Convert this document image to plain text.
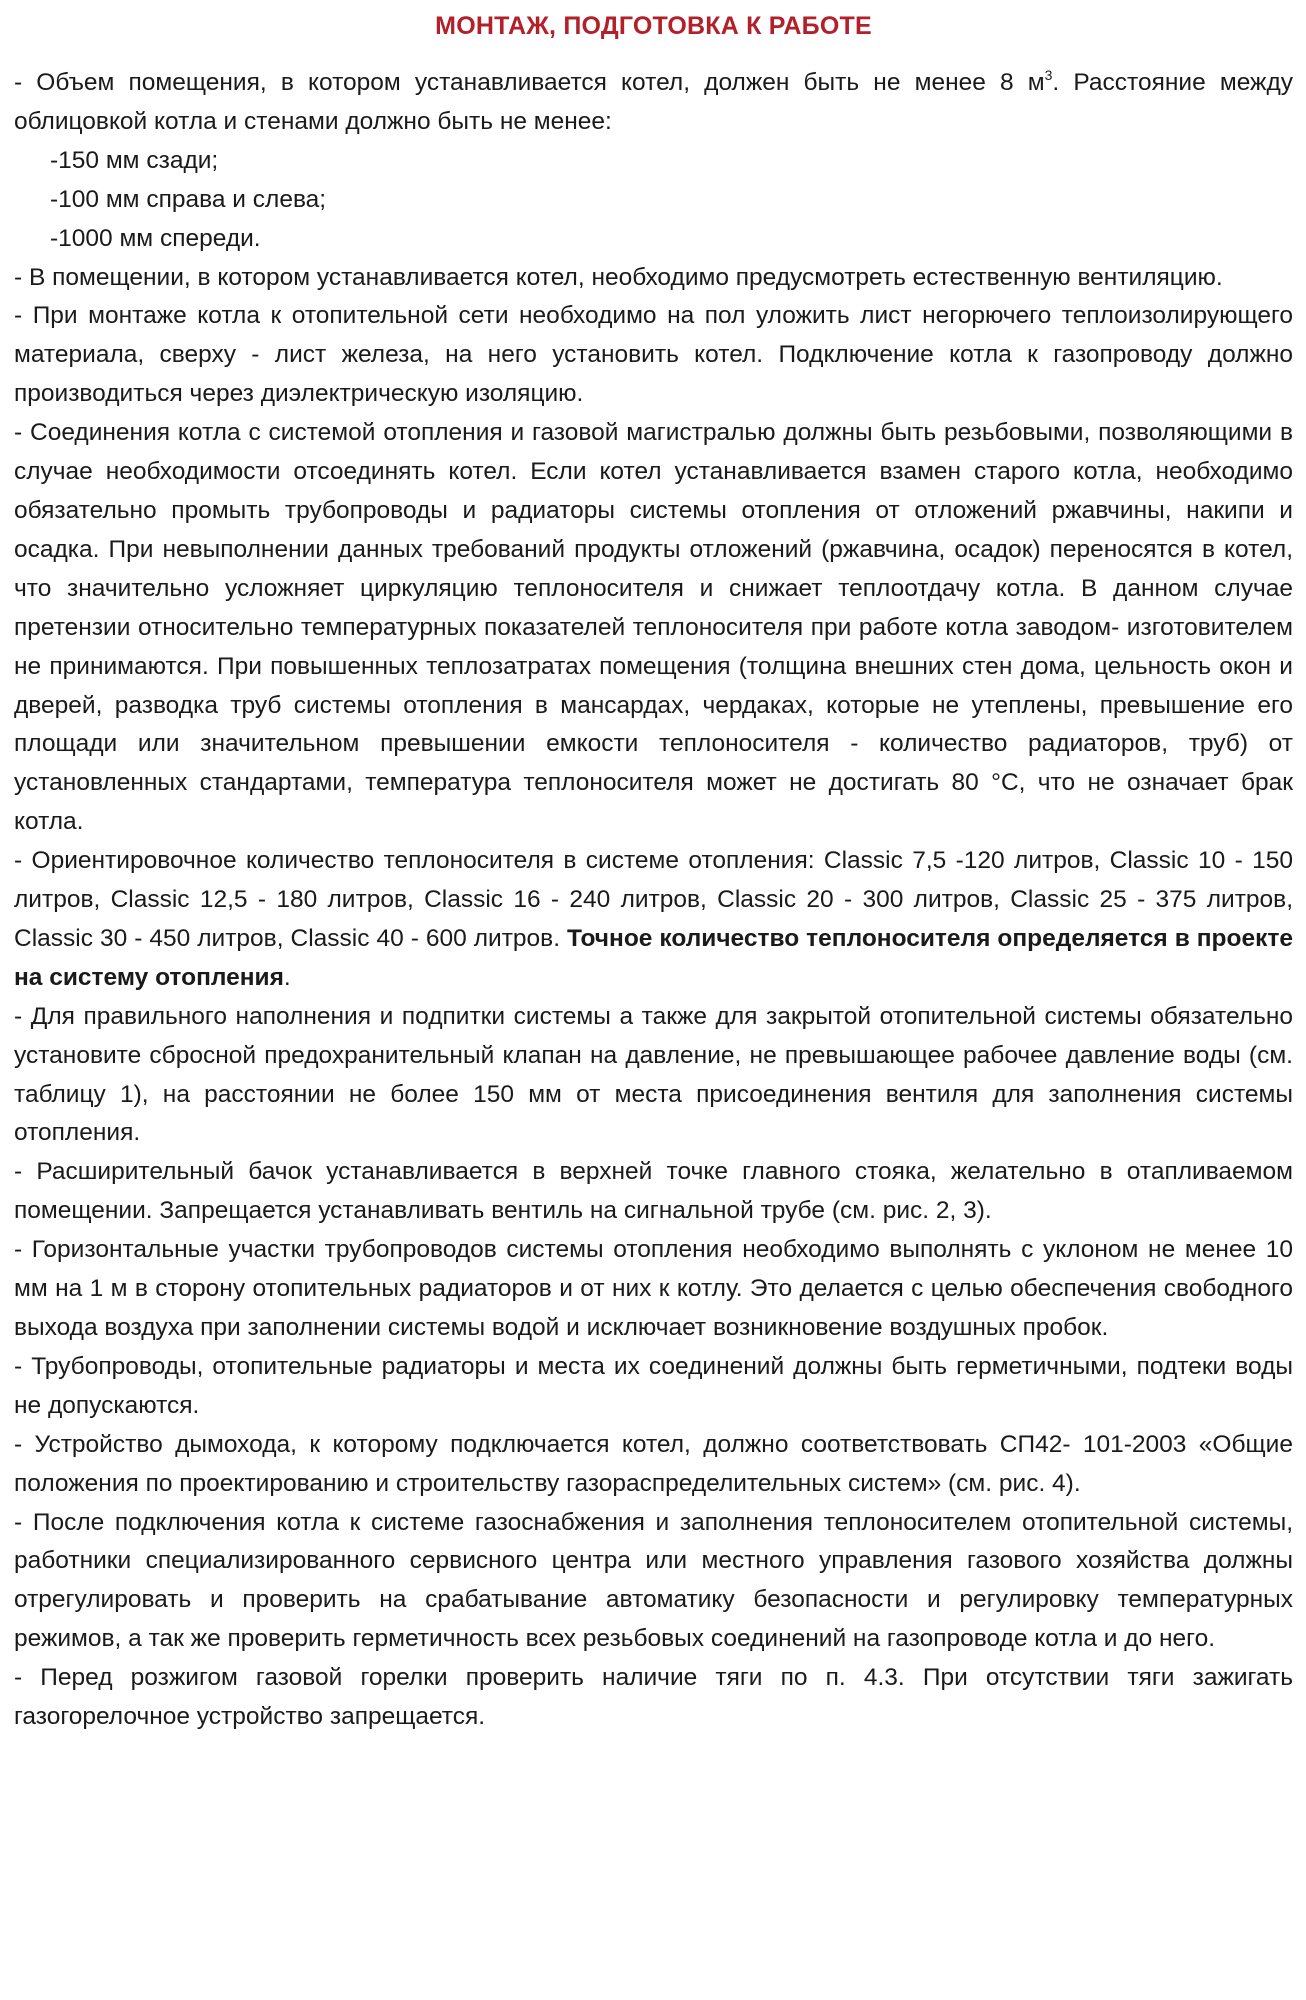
МОНТАЖ, ПОДГОТОВКА К РАБОТЕ

- Объем помещения, в котором устанавливается котел, должен быть не менее 8 $м^3$. Расстояние между облицовкой котла и стенами должно быть не менее:

-150 мм сзади;

-100 мм справа и слева;

-1000 мм спереди.

- В помещении, в котором устанавливается котел, необходимо предусмотреть естественную вентиляцию.

- При монтаже котла к отопительной сети необходимо на пол уложить лист негорючего теплоизолирующего материала, сверху - лист железа, на него установить котел. Подключение котла к газопроводу должно производиться через диэлектрическую изоляцию.

- Соединения котла с системой отопления и газовой магистралью должны быть резьбовыми, позволяющими в случае необходимости отсоединять котел. Если котел устанавливается взамен старого котла, необходимо обязательно промыть трубопроводы и радиаторы системы отопления от отложений ржавчины, накипи и осадка. При невыполнении данных требований продукты отложений (ржавчина, осадок) переносятся в котел, что значительно усложняет циркуляцию теплоносителя и снижает теплоотдачу котла. В данном случае претензии относительно температурных показателей теплоносителя при работе котла заводом- изготовителем не принимаются. При повышенных теплозатратах помещения (толщина внешних стен дома, цельность окон и дверей, разводка труб системы отопления в мансардах, чердаках, которые не утеплены, превышение его площади или значительном превышении емкости теплоносителя - количество радиаторов, труб) от установленных стандартами, температура теплоносителя может не достигать 80 °С, что не означает брак котла.

- Ориентировочное количество теплоносителя в системе отопления: Classic 7,5 -120 литров, Classic 10 - 150 литров, Classic 12,5 - 180 литров, Classic 16 - 240 литров, Classic 20 - 300 литров, Classic 25 - 375 литров, Classic 30 - 450 литров, Classic 40 - 600 литров. Точное количество теплоносителя определяется в проекте на систему отопления.

- Для правильного наполнения и подпитки системы а также для закрытой отопительной системы обязательно установите сбросной предохранительный клапан на давление, не превышающее рабочее давление воды (см. таблицу 1), на расстоянии не более 150 мм от места присоединения вентиля для заполнения системы отопления.

- Расширительный бачок устанавливается в верхней точке главного стояка, желательно в отапливаемом помещении. Запрещается устанавливать вентиль на сигнальной трубе (см. рис. 2, 3).

- Горизонтальные участки трубопроводов системы отопления необходимо выполнять с уклоном не менее 10 мм на 1 м в сторону отопительных радиаторов и от них к котлу. Это делается с целью обеспечения свободного выхода воздуха при заполнении системы водой и исключает возникновение воздушных пробок.

- Трубопроводы, отопительные радиаторы и места их соединений должны быть герметичными, подтеки воды не допускаются.

- Устройство дымохода, к которому подключается котел, должно соответствовать СП42- 101-2003 «Общие положения по проектированию и строительству газораспределительных систем» (см. рис. 4).

- После подключения котла к системе газоснабжения и заполнения теплоносителем отопительной системы, работники специализированного сервисного центра или местного управления газового хозяйства должны отрегулировать и проверить на срабатывание автоматику безопасности и регулировку температурных режимов, а так же проверить герметичность всех резьбовых соединений на газопроводе котла и до него.

- Перед розжигом газовой горелки проверить наличие тяги по п. 4.3. При отсутствии тяги зажигать газогорелочное устройство запрещается.
